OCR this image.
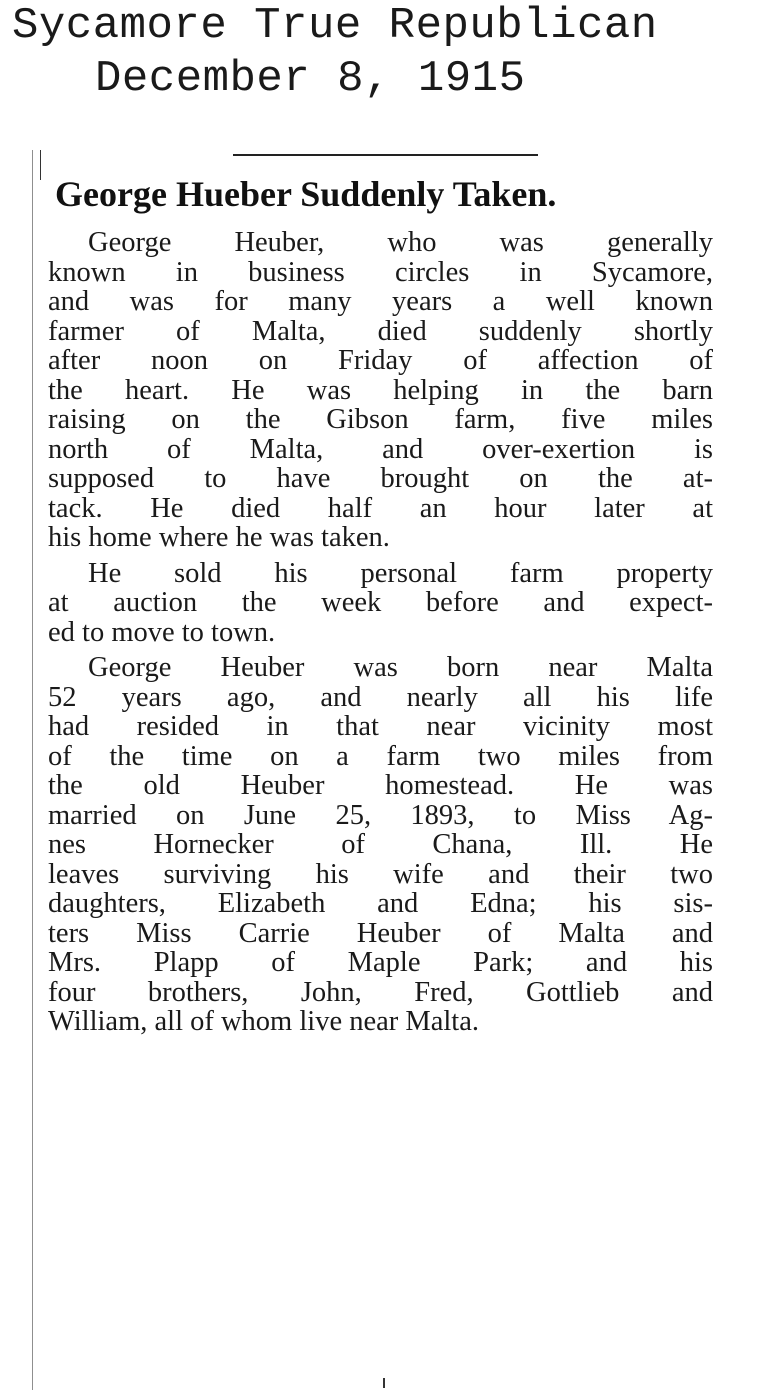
Sycamore True Republican
December 8, 1915
George Hueber Suddenly Taken.
George Heuber, who was generally
known in business circles in Sycamore,
and was for many years a well known
farmer of Malta, died suddenly shortly
after noon on Friday of affection of
the heart. He was helping in the barn
raising on the Gibson farm, five miles
north of Malta, and over-exertion is
supposed to have brought on the at-
tack. He died half an hour later at
his home where he was taken.
He sold his personal farm property
at auction the week before and expect-
ed to move to town.
George Heuber was born near Malta
52 years ago, and nearly all his life
had resided in that near vicinity most
of the time on a farm two miles from
the old Heuber homestead. He was
married on June 25, 1893, to Miss Ag-
nes Hornecker of Chana, Ill. He
leaves surviving his wife and their two
daughters, Elizabeth and Edna; his sis-
ters Miss Carrie Heuber of Malta and
Mrs. Plapp of Maple Park; and his
four brothers, John, Fred, Gottlieb and
William, all of whom live near Malta.
